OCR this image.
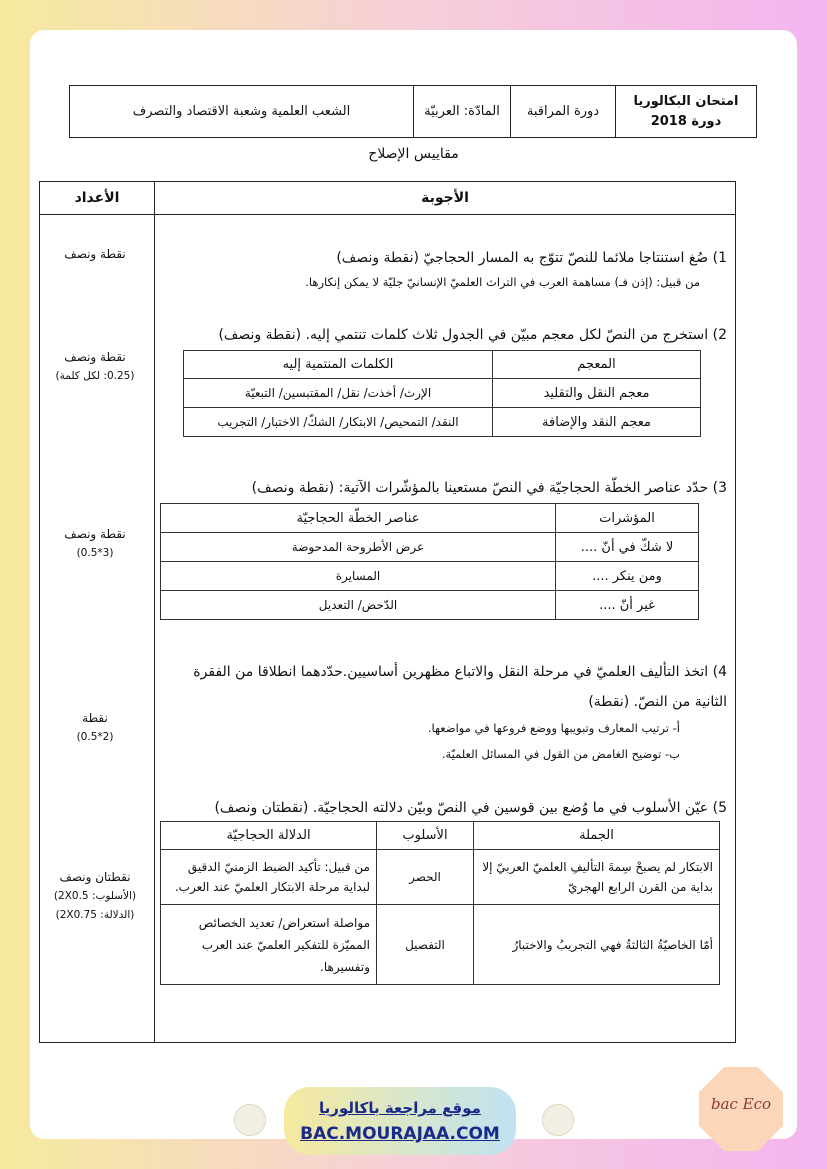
امتحان البكالوريا
دورة 2018
	دورة المراقبة	المادّة: العربيّة	الشعب العلمية وشعبة الاقتصاد والتصرف
مقاييس الإصلاح
الأجوبة
الأعداد
1) صُغ استنتاجا ملائما للنصّ تتوّج به المسار الحجاجيّ (نقطة ونصف)
من قبيل: (إذن فـ) مساهمة العرب في التراث العلميّ الإنسانيّ جليّة لا يمكن إنكارها.
نقطة ونصف
2) استخرج من النصّ لكل معجم مبيّن في الجدول ثلاث كلمات تنتمي إليه. (نقطة ونصف)
المعجم	الكلمات المنتمية إليه
معجم النقل والتقليد	الإرث/ أخذت/ نقل/ المقتبسين/ التبعيّة
معجم النقد والإضافة	النقد/ التمحيص/ الابتكار/ الشكّ/ الاختبار/ التجريب
نقطة ونصف
(0.25: لكل كلمة)
3) حدّد عناصر الخطّة الحجاجيّة في النصّ مستعينا بالمؤشّرات الآتية: (نقطة ونصف)
المؤشرات	عناصر الخطّة الحجاجيّة
لا شكّ في أنّ ....	عرض الأطروحة المدحوضة
ومن ينكر ....	المسايرة
غير أنّ ....	الدّحض/ التعديل
نقطة ونصف
(3*0.5)
4) اتخذ التأليف العلميّ في مرحلة النقل والاتباع مظهرين أساسيين.حدّدهما انطلاقا من الفقرة
الثانية من النصّ. (نقطة)
أ- ترتيب المعارف وتبويبها ووضع فروعها في مواضعها.
ب- توضيح الغامض من القول في المسائل العلميّة.
نقطة
(2*0.5)
5) عيّن الأسلوب في ما وُضع بين قوسين في النصّ وبيّن دلالته الحجاجيّة. (نقطتان ونصف)
الجملة	الأسلوب	الدلالة الحجاجيّة
الابتكار لم يصبحْ سِمةَ التأليفِ العلميّ العربيّ إلا بداية من القرن الرابع الهجريّ	الحصر	من قبيل: تأكيد الضبط الزمنيّ الدقيق لبداية مرحلة الابتكار العلميّ عند العرب.
أمّا الخاصيّةُ الثالثةُ فهي التجريبُ والاختبارُ	التفصيل	مواصلة استعراض/ تعديد الخصائص المميّزة للتفكير العلميّ عند العرب وتفسيرها.
نقطتان ونصف
(الأسلوب: 2X0.5)
(الدلالة: 2X0.75)
موقع مراجعة باكالوريا
BAC.MOURAJAA.COM
bac Eco
